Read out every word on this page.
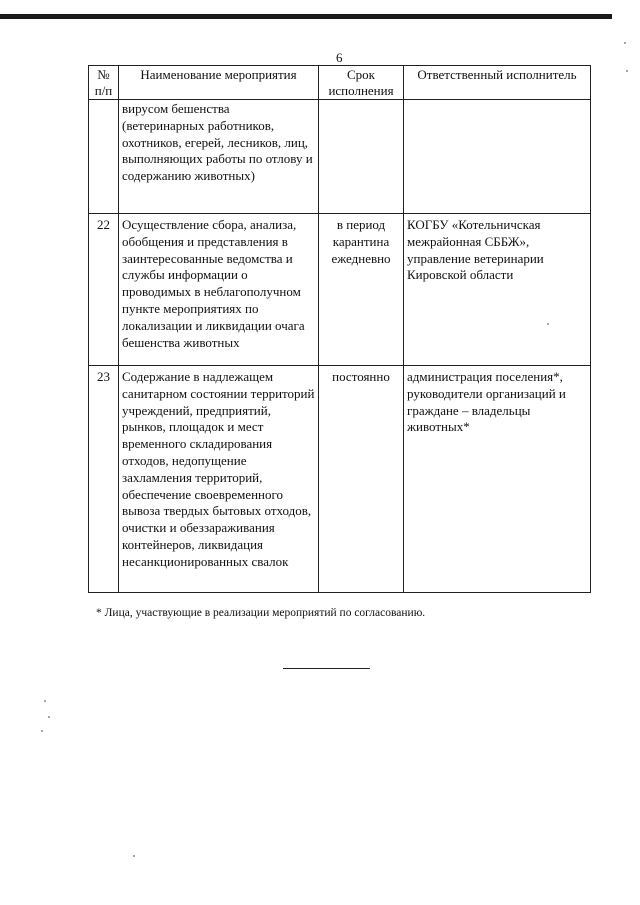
6
№ п/п	Наименование мероприятия	Срок исполнения	Ответственный исполнитель
	вирусом бешенства (ветеринарных работников, охотников, егерей, лесников, лиц, выполняющих работы по отлову и содержанию животных)		
22	Осуществление сбора, анализа, обобщения и представления в заинтересованные ведомства и службы информации о проводимых в неблагополучном пункте мероприятиях по локализации и ликвидации очага бешенства животных	в период карантина ежедневно	КОГБУ «Котельничская межрайонная СББЖ», управление ветеринарии Кировской области
23	Содержание в надлежащем санитарном состоянии территорий учреждений, предприятий, рынков, площадок и мест временного складирования отходов, недопущение захламления территорий, обеспечение своевременного вывоза твердых бытовых отходов, очистки и обеззараживания контейнеров, ликвидация несанкционированных свалок	постоянно	администрация поселения*, руководители организаций и граждане – владельцы животных*
* Лица, участвующие в реализации мероприятий по согласованию.
